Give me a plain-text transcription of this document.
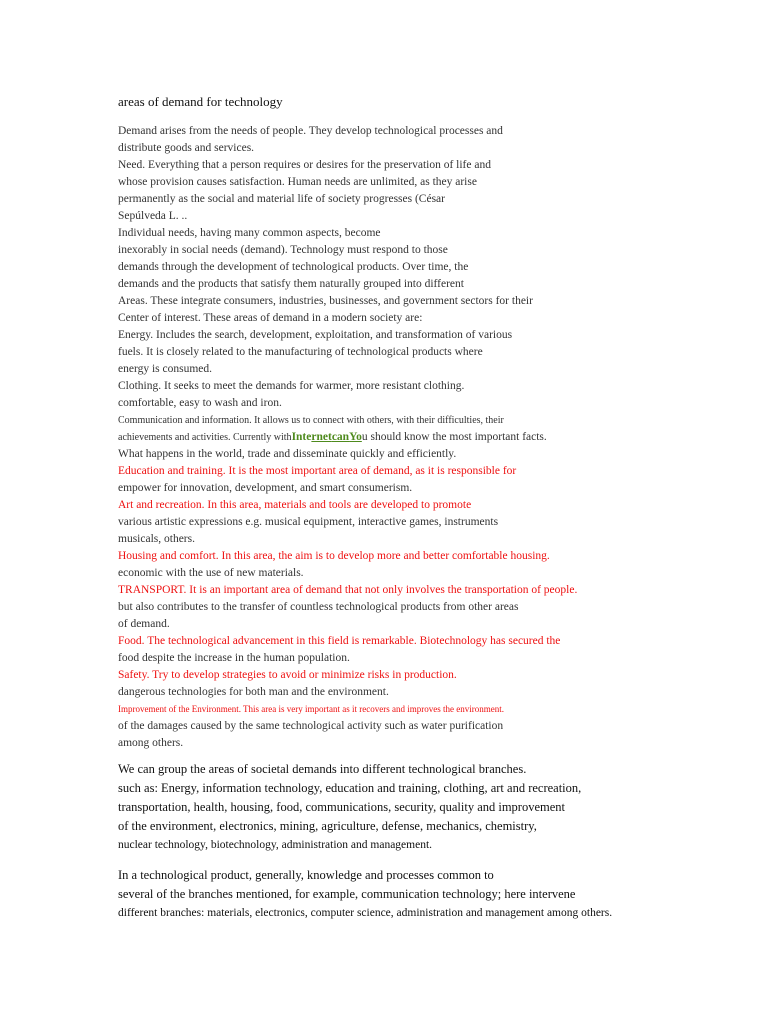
areas of demand for technology
Demand arises from the needs of people. They develop technological processes and
distribute goods and services.
Need. Everything that a person requires or desires for the preservation of life and
whose provision causes satisfaction. Human needs are unlimited, as they arise
permanently as the social and material life of society progresses (César
Sepúlveda L. ..
Individual needs, having many common aspects, become
inexorably in social needs (demand). Technology must respond to those
demands through the development of technological products. Over time, the
demands and the products that satisfy them naturally grouped into different
Areas. These integrate consumers, industries, businesses, and government sectors for their
Center of interest. These areas of demand in a modern society are:
Energy. Includes the search, development, exploitation, and transformation of various
fuels. It is closely related to the manufacturing of technological products where
energy is consumed.
Clothing. It seeks to meet the demands for warmer, more resistant clothing.
comfortable, easy to wash and iron.
Communication and information. It allows us to connect with others, with their difficulties, their
achievements and activities. Currently withInternetcanYou should know the most important facts.
What happens in the world, trade and disseminate quickly and efficiently.
Education and training. It is the most important area of demand, as it is responsible for
empower for innovation, development, and smart consumerism.
Art and recreation. In this area, materials and tools are developed to promote
various artistic expressions e.g. musical equipment, interactive games, instruments
musicals, others.
Housing and comfort. In this area, the aim is to develop more and better comfortable housing.
economic with the use of new materials.
TRANSPORT. It is an important area of demand that not only involves the transportation of people.
but also contributes to the transfer of countless technological products from other areas
of demand.
Food. The technological advancement in this field is remarkable. Biotechnology has secured the
food despite the increase in the human population.
Safety. Try to develop strategies to avoid or minimize risks in production.
dangerous technologies for both man and the environment.
Improvement of the Environment. This area is very important as it recovers and improves the environment.
of the damages caused by the same technological activity such as water purification
among others.
We can group the areas of societal demands into different technological branches.
such as: Energy, information technology, education and training, clothing, art and recreation,
transportation, health, housing, food, communications, security, quality and improvement
of the environment, electronics, mining, agriculture, defense, mechanics, chemistry,
nuclear technology, biotechnology, administration and management.
In a technological product, generally, knowledge and processes common to
several of the branches mentioned, for example, communication technology; here intervene
different branches: materials, electronics, computer science, administration and management among others.
